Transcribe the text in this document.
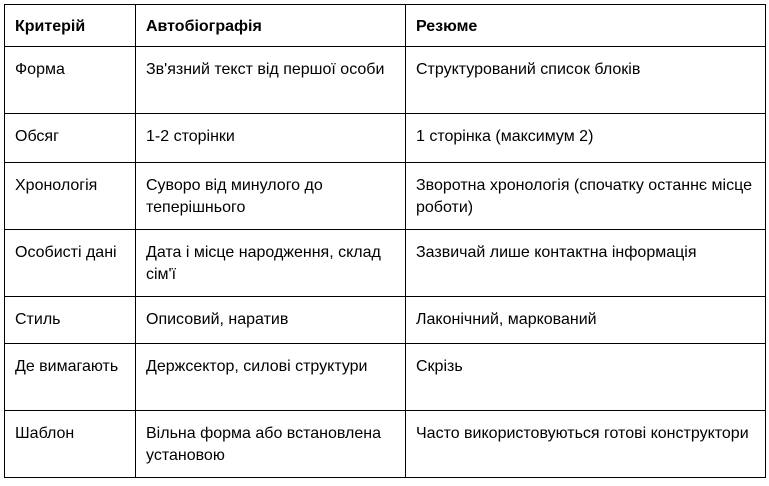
Критерій	Автобіографія	Резюме
Форма	Зв'язний текст від першої особи	Структурований список блоків
Обсяг	1-2 сторінки	1 сторінка (максимум 2)
Хронологія	Суворо від минулого до теперішнього	Зворотна хронологія (спочатку останнє місце роботи)
Особисті дані	Дата і місце народження, склад сім'ї	Зазвичай лише контактна інформація
Стиль	Описовий, наратив	Лаконічний, маркований
Де вимагають	Держсектор, силові структури	Скрізь
Шаблон	Вільна форма або встановлена установою	Часто використовуються готові конструктори
